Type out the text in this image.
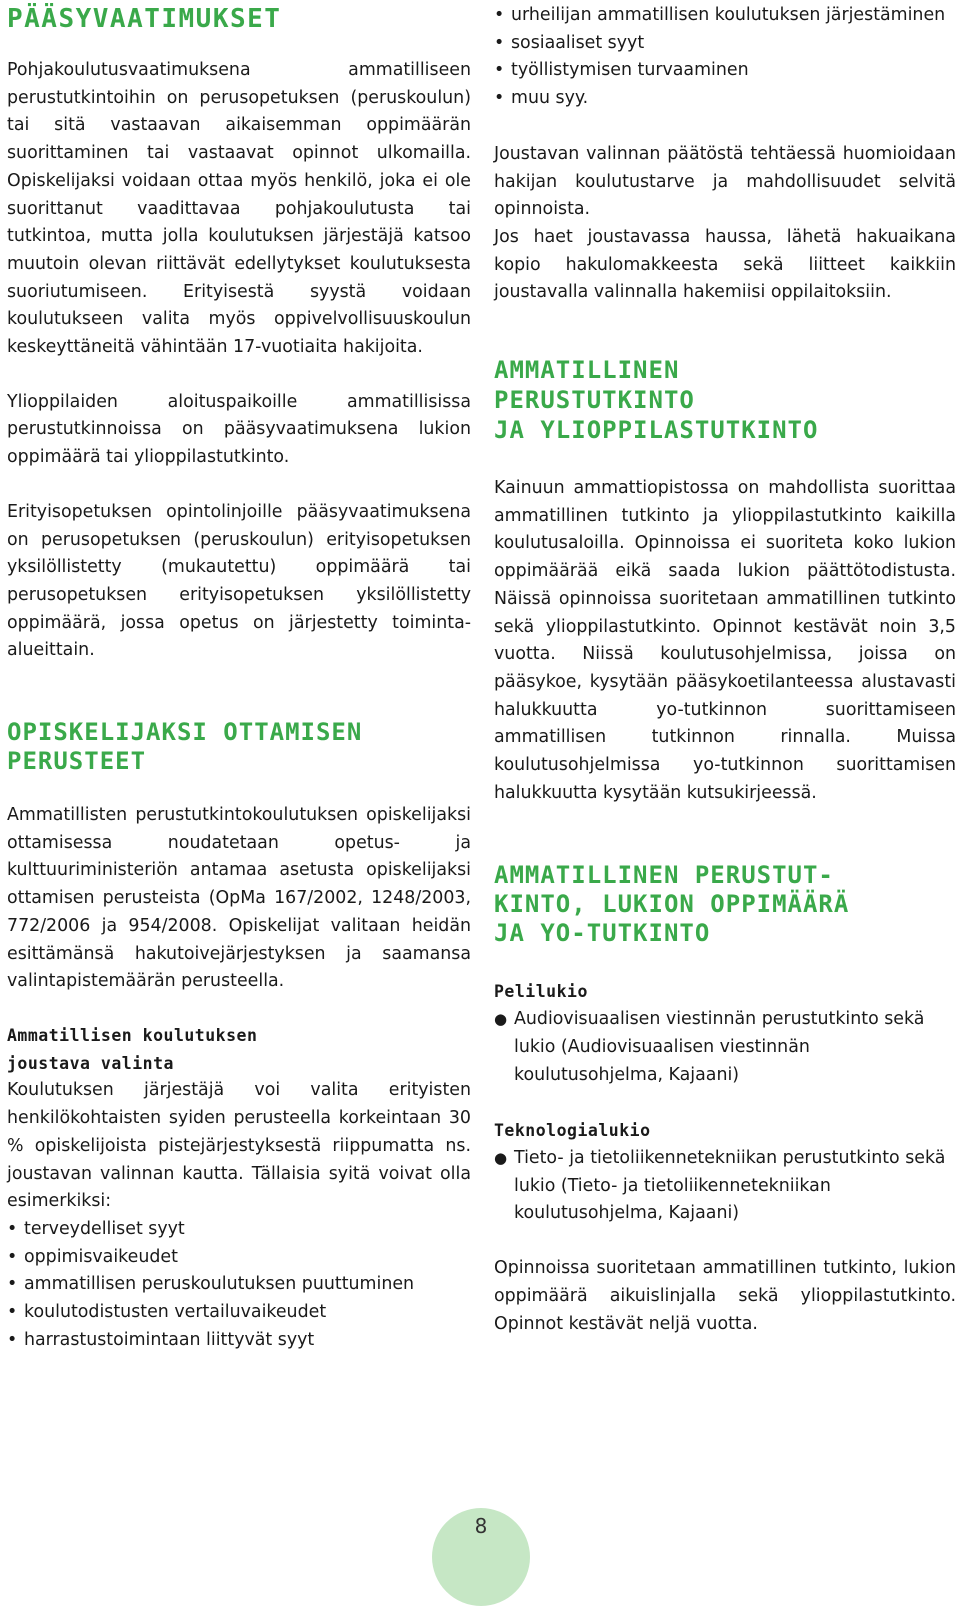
PÄÄSYVAATIMUKSET

Pohjakoulutusvaatimuksena ammatilliseen perustutkintoihin on perusopetuksen (peruskoulun) tai sitä vastaavan aikaisemman oppimäärän suorittaminen tai vastaavat opinnot ulkomailla. Opiskelijaksi voidaan ottaa myös henkilö, joka ei ole suorittanut vaadittavaa pohjakoulutusta tai tutkintoa, mutta jolla koulutuksen järjestäjä katsoo muutoin olevan riittävät edellytykset koulutuksesta suoriutumiseen. Erityisestä syystä voidaan koulutukseen valita myös oppivelvollisuuskoulun keskeyttäneitä vähintään 17-vuotiaita hakijoita.

Ylioppilaiden aloituspaikoille ammatillisissa perustutkinnoissa on pääsyvaatimuksena lukion oppimäärä tai ylioppilastutkinto.

Erityisopetuksen opintolinjoille pääsyvaatimuksena on perusopetuksen (peruskoulun) erityisopetuksen yksilöllistetty (mukautettu) oppimäärä tai perusopetuksen erityisopetuksen yksilöllistetty oppimäärä, jossa opetus on järjestetty toiminta-alueittain.

OPISKELIJAKSI OTTAMISEN
PERUSTEET

Ammatillisten perustutkintokoulutuksen opiskelijaksi ottamisessa noudatetaan opetus- ja kulttuuriministeriön antamaa asetusta opiskelijaksi ottamisen perusteista (OpMa 167/2002, 1248/2003, 772/2006 ja 954/2008. Opiskelijat valitaan heidän esittämänsä hakutoivejärjestyksen ja saamansa valintapistemäärän perusteella.

Ammatillisen koulutuksen
joustava valinta

Koulutuksen järjestäjä voi valita erityisten henkilökohtaisten syiden perusteella korkeintaan 30 % opiskelijoista pistejärjestyksestä riippumatta ns. joustavan valinnan kautta. Tällaisia syitä voivat olla esimerkiksi:

• terveydelliset syyt
• oppimisvaikeudet
• ammatillisen peruskoulutuksen puuttuminen
• koulutodistusten vertailuvaikeudet
• harrastustoimintaan liittyvät syyt
• urheilijan ammatillisen koulutuksen järjestäminen
• sosiaaliset syyt
• työllistymisen turvaaminen
• muu syy.

Joustavan valinnan päätöstä tehtäessä huomioidaan hakijan koulutustarve ja mahdollisuudet selvitä opinnoista.

Jos haet joustavassa haussa, lähetä hakuaikana kopio hakulomakkeesta sekä liitteet kaikkiin joustavalla valinnalla hakemiisi oppilaitoksiin.

AMMATILLINEN
PERUSTUTKINTO
JA YLIOPPILASTUTKINTO

Kainuun ammattiopistossa on mahdollista suorittaa ammatillinen tutkinto ja ylioppilastutkinto kaikilla koulutusaloilla. Opinnoissa ei suoriteta koko lukion oppimäärää eikä saada lukion päättötodistusta. Näissä opinnoissa suoritetaan ammatillinen tutkinto sekä ylioppilastutkinto. Opinnot kestävät noin 3,5 vuotta. Niissä koulutusohjelmissa, joissa on pääsykoe, kysytään pääsykoetilanteessa alustavasti halukkuutta yo-tutkinnon suorittamiseen ammatillisen tutkinnon rinnalla. Muissa koulutusohjelmissa yo-tutkinnon suorittamisen halukkuutta kysytään kutsukirjeessä.

AMMATILLINEN PERUSTUT-
KINTO, LUKION OPPIMÄÄRÄ
JA YO-TUTKINTO
Pelilukio
● Audiovisuaalisen viestinnän perustutkinto sekä lukio (Audiovisuaalisen viestinnän koulutusohjelma, Kajaani)
Teknologialukio
● Tieto- ja tietoliikennetekniikan perustutkinto sekä lukio (Tieto- ja tietoliikennetekniikan koulutusohjelma, Kajaani)

Opinnoissa suoritetaan ammatillinen tutkinto, lukion oppimäärä aikuislinjalla sekä ylioppilastutkinto. Opinnot kestävät neljä vuotta.

8
